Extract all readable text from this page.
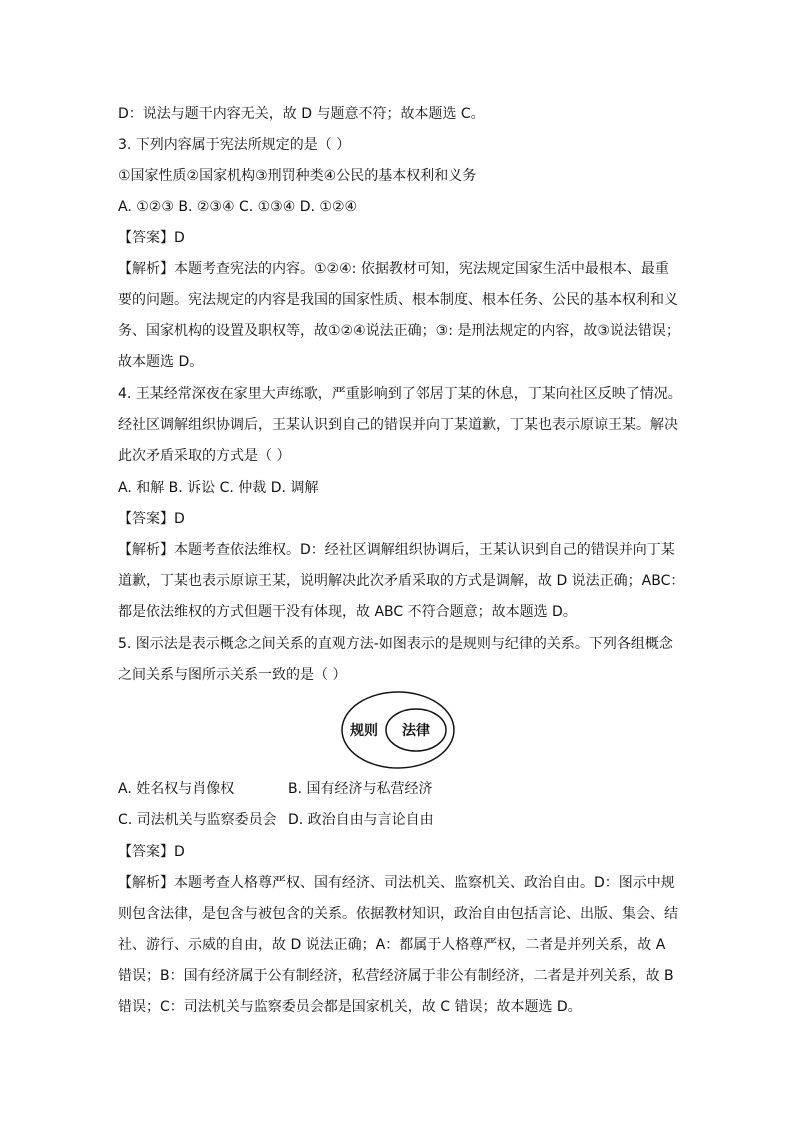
D：说法与题干内容无关，故 D 与题意不符；故本题选 C。

3. 下列内容属于宪法所规定的是（ ）

①国家性质②国家机构③刑罚种类④公民的基本权利和义务

A. ①②③ B. ②③④ C. ①③④ D. ①②④

【答案】D

【解析】本题考查宪法的内容。①②④: 依据教材可知，宪法规定国家生活中最根本、最重

要的问题。宪法规定的内容是我国的国家性质、根本制度、根本任务、公民的基本权利和义

务、国家机构的设置及职权等，故①②④说法正确；③: 是刑法规定的内容，故③说法错误；

故本题选 D。

4. 王某经常深夜在家里大声练歌，严重影响到了邻居丁某的休息，丁某向社区反映了情况。

经社区调解组织协调后，王某认识到自己的错误并向丁某道歉，丁某也表示原谅王某。解决

此次矛盾采取的方式是（ ）

A. 和解 B. 诉讼 C. 仲裁 D. 调解

【答案】D

【解析】本题考查依法维权。D：经社区调解组织协调后，王某认识到自己的错误并向丁某

道歉，丁某也表示原谅王某，说明解决此次矛盾采取的方式是调解，故 D 说法正确；ABC：

都是依法维权的方式但题干没有体现，故 ABC 不符合题意；故本题选 D。

5. 图示法是表示概念之间关系的直观方法-如图表示的是规则与纪律的关系。下列各组概念

之间关系与图所示关系一致的是（ ）

规则 法律
A. 姓名权与肖像权	B. 国有经济与私营经济
C. 司法机关与监察委员会 D. 政治自由与言论自由

【答案】D

【解析】本题考查人格尊严权、国有经济、司法机关、监察机关、政治自由。D：图示中规

则包含法律，是包含与被包含的关系。依据教材知识，政治自由包括言论、出版、集会、结

社、游行、示威的自由，故 D 说法正确；A：都属于人格尊严权，二者是并列关系，故 A

错误；B：国有经济属于公有制经济，私营经济属于非公有制经济，二者是并列关系，故 B

错误；C：司法机关与监察委员会都是国家机关，故 C 错误；故本题选 D。
